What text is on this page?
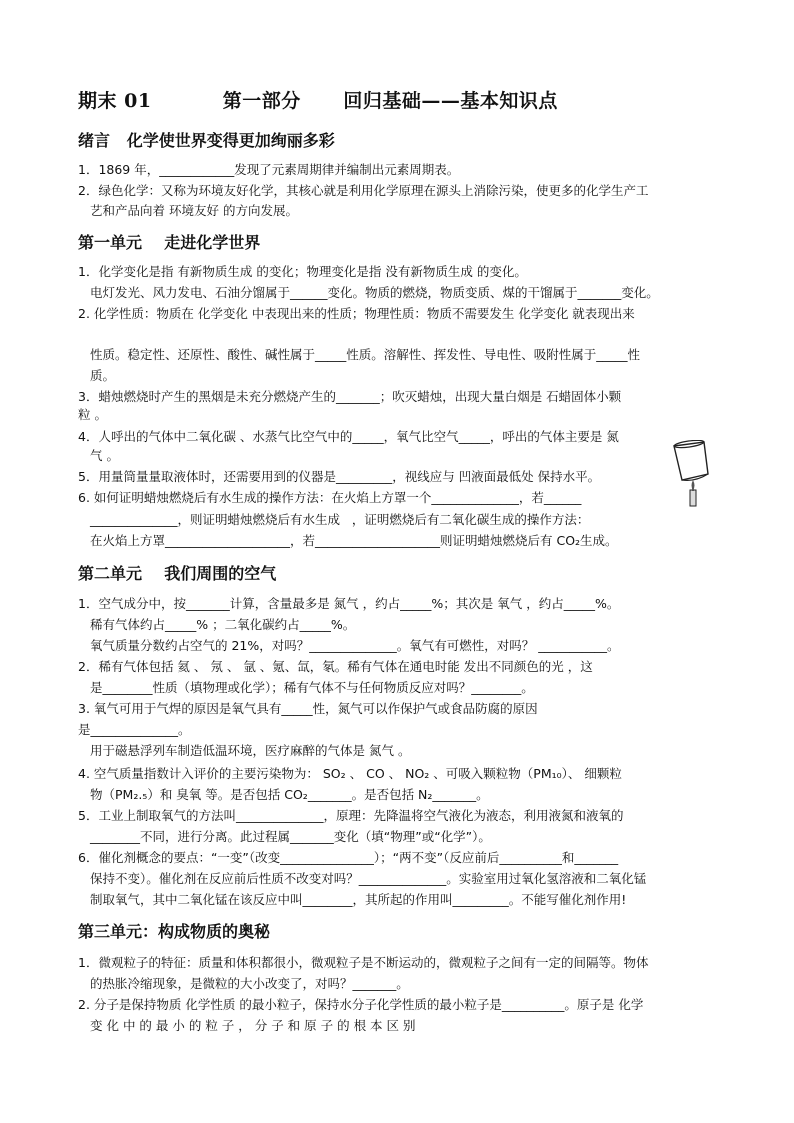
期末 01          第一部分      回归基础——基本知识点
绪言   化学使世界变得更加绚丽多彩
1．1869 年，____________发现了元素周期律并编制出元素周期表。
2．绿色化学：又称为环境友好化学，其核心就是利用化学原理在源头上消除污染，使更多的化学生产工
艺和产品向着 环境友好 的方向发展。
第一单元    走进化学世界
1．化学变化是指 有新物质生成 的变化；物理变化是指 没有新物质生成 的变化。
电灯发光、风力发电、石油分馏属于______变化。物质的燃烧，物质变质、煤的干馏属于_______变化。
2. 化学性质：物质在 化学变化 中表现出来的性质；物理性质：物质不需要发生 化学变化 就表现出来
性质。稳定性、还原性、酸性、碱性属于_____性质。溶解性、挥发性、导电性、吸附性属于_____性
质。
3．蜡烛燃烧时产生的黑烟是未充分燃烧产生的_______；吹灭蜡烛，出现大量白烟是 石蜡固体小颗
粒 。
4．人呼出的气体中二氧化碳 、水蒸气比空气中的_____，氧气比空气_____，呼出的气体主要是 氮
气 。
5．用量筒量量取液体时，还需要用到的仪器是_________，视线应与 凹液面最低处 保持水平。
6. 如何证明蜡烛燃烧后有水生成的操作方法：在火焰上方罩一个______________，若______
______________，则证明蜡烛燃烧后有水生成   ，证明燃烧后有二氧化碳生成的操作方法：
在火焰上方罩____________________，若____________________则证明蜡烛燃烧后有 CO₂生成。
第二单元    我们周围的空气
1．空气成分中，按_______计算，含量最多是 氮气 ，约占_____%；其次是 氧气 ，约占_____%。
稀有气体约占_____% ；二氧化碳约占_____%。
氧气质量分数约占空气的 21%，对吗？______________。氧气有可燃性，对吗？ ___________。
2．稀有气体包括 氦 、 氖 、 氩 、氪、氙，氡。稀有气体在通电时能 发出不同颜色的光 ，这
是________性质（填物理或化学）；稀有气体不与任何物质反应对吗？________。
3. 氧气可用于气焊的原因是氧气具有_____性，氮气可以作保护气或食品防腐的原因
是______________。
用于磁悬浮列车制造低温环境，医疗麻醉的气体是 氮气 。
4. 空气质量指数计入评价的主要污染物为： SO₂ 、 CO 、 NO₂ 、可吸入颗粒物（PM₁₀）、 细颗粒
物（PM₂.₅）和 臭氧 等。是否包括 CO₂_______。是否包括 N₂_______。
5．工业上制取氧气的方法叫______________，原理：先降温将空气液化为液态，利用液氮和液氧的
________不同，进行分离。此过程属_______变化（填“物理”或“化学”）。
6．催化剂概念的要点：“一变”（改变_______________）；“两不变”（反应前后__________和_______
保持不变）。催化剂在反应前后性质不改变对吗？______________。实验室用过氧化氢溶液和二氧化锰
制取氧气，其中二氧化锰在该反应中叫________，其所起的作用叫_________。不能写催化剂作用!
第三单元：构成物质的奥秘
1．微观粒子的特征：质量和体积都很小，微观粒子是不断运动的，微观粒子之间有一定的间隔等。物体
的热胀冷缩现象，是微粒的大小改变了，对吗？_______。
2. 分子是保持物质 化学性质 的最小粒子，保持水分子化学性质的最小粒子是__________。原子是 化学
变 化 中 的 最 小 的 粒 子 ， 分 子 和 原 子 的 根 本 区 别
